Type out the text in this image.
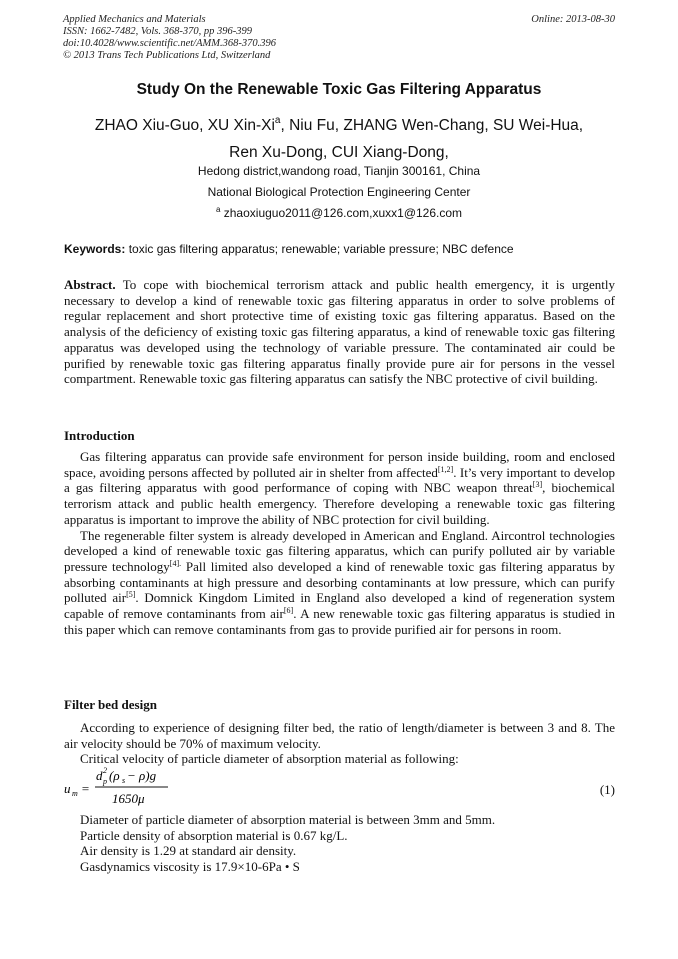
Applied Mechanics and Materials
ISSN: 1662-7482, Vols. 368-370, pp 396-399
doi:10.4028/www.scientific.net/AMM.368-370.396
© 2013 Trans Tech Publications Ltd, Switzerland
Online: 2013-08-30
Study On the Renewable Toxic Gas Filtering Apparatus
ZHAO Xiu-Guo, XU Xin-Xi$^a$, Niu Fu, ZHANG Wen-Chang, SU Wei-Hua,
Ren Xu-Dong, CUI Xiang-Dong,
Hedong district,wandong road, Tianjin 300161, China
National Biological Protection Engineering Center
$^a$ zhaoxiuguo2011@126.com,xuxx1@126.com
Keywords: toxic gas filtering apparatus; renewable; variable pressure; NBC defence

Abstract. To cope with biochemical terrorism attack and public health emergency, it is urgently necessary to develop a kind of renewable toxic gas filtering apparatus in order to solve problems of regular replacement and short protective time of existing toxic gas filtering apparatus. Based on the analysis of the deficiency of existing toxic gas filtering apparatus, a kind of renewable toxic gas filtering apparatus was developed using the technology of variable pressure. The contaminated air could be purified by renewable toxic gas filtering apparatus finally provide pure air for persons in the vessel compartment. Renewable toxic gas filtering apparatus can satisfy the NBC protective of civil building.

Introduction

Gas filtering apparatus can provide safe environment for person inside building, room and enclosed space, avoiding persons affected by polluted air in shelter from affected[1,2]. It’s very important to develop a gas filtering apparatus with good performance of coping with NBC weapon threat[3], biochemical terrorism attack and public health emergency. Therefore developing a renewable toxic gas filtering apparatus is important to improve the ability of NBC protection for civil building.

The regenerable filter system is already developed in American and England. Aircontrol technologies developed a kind of renewable toxic gas filtering apparatus, which can purify polluted air by variable pressure technology$^{[4].}$ Pall limited also developed a kind of renewable toxic gas filtering apparatus by absorbing contaminants at high pressure and desorbing contaminants at low pressure, which can purify polluted air[5]. Domnick Kingdom Limited in England also developed a kind of regeneration system capable of remove contaminants from air[6]. A new renewable toxic gas filtering apparatus is studied in this paper which can remove contaminants from gas to provide purified air for persons in room.

Filter bed design

According to experience of designing filter bed, the ratio of length/diameter is between 3 and 8. The air velocity should be 70% of maximum velocity.

Critical velocity of particle diameter of absorption material as following:

u m =
d 2
p (ρ s − ρ)g
1650μ
(1)

Diameter of particle diameter of absorption material is between 3mm and 5mm.

Particle density of absorption material is 0.67 kg/L.

Air density is 1.29 at standard air density.

Gasdynamics viscosity is 17.9×10-6Pa • S
